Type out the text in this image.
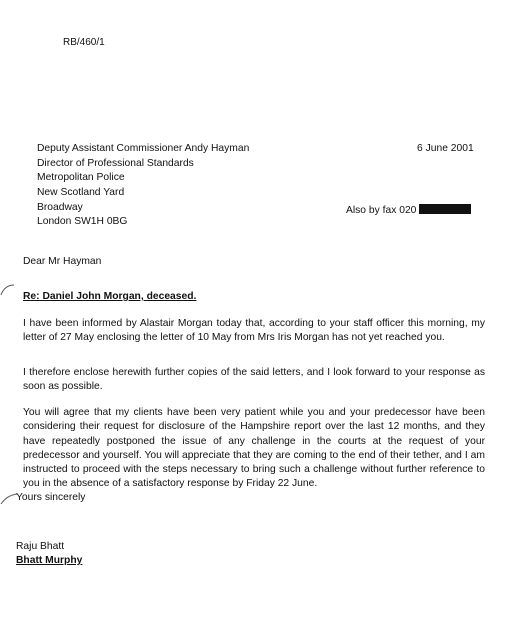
RB/460/1
Deputy Assistant Commissioner Andy Hayman
Director of Professional Standards
Metropolitan Police
New Scotland Yard
Broadway
London SW1H 0BG
6 June 2001
Also by fax 020
Dear Mr Hayman
Re: Daniel John Morgan, deceased.
I have been informed by Alastair Morgan today that, according to your staff officer this morning, my letter of 27 May enclosing the letter of 10 May from Mrs Iris Morgan has not yet reached you.
I therefore enclose herewith further copies of the said letters, and I look forward to your response as soon as possible.
You will agree that my clients have been very patient while you and your predecessor have been considering their request for disclosure of the Hampshire report over the last 12 months, and they have repeatedly postponed the issue of any challenge in the courts at the request of your predecessor and yourself. You will appreciate that they are coming to the end of their tether, and I am instructed to proceed with the steps necessary to bring such a challenge without further reference to you in the absence of a satisfactory response by Friday 22 June.
Yours sincerely
Raju Bhatt
Bhatt Murphy
